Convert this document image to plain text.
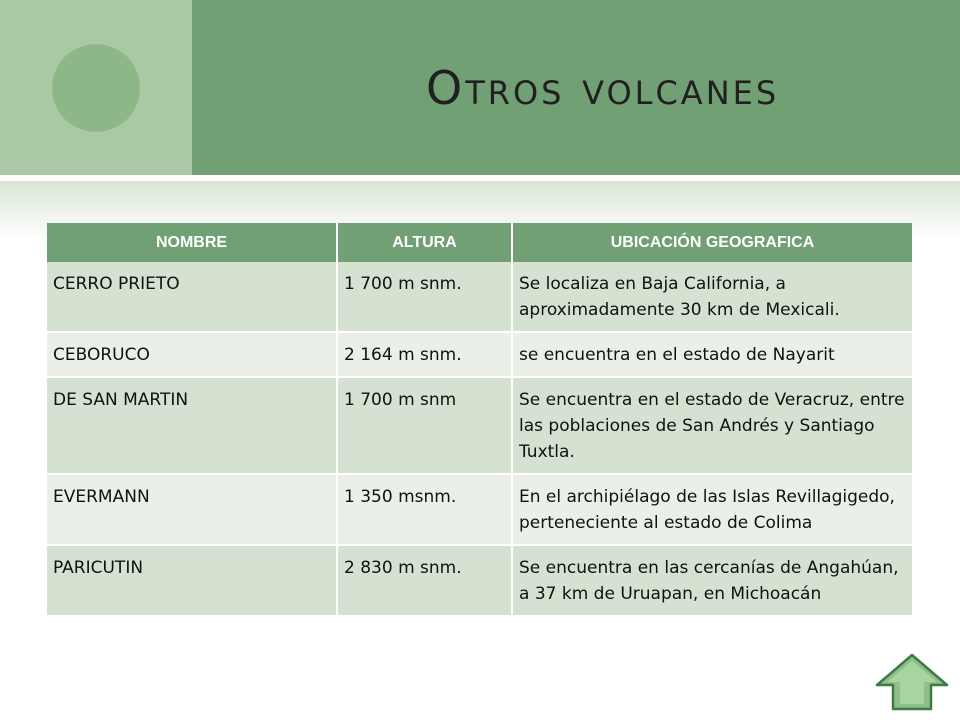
Otros volcanes
NOMBRE	ALTURA	UBICACIÓN GEOGRAFICA
CERRO PRIETO	1 700 m snm.	Se localiza en Baja California, a aproximadamente 30 km de Mexicali.
CEBORUCO	2 164 m snm.	se encuentra en el estado de Nayarit
DE SAN MARTIN	1 700 m snm	Se encuentra en el estado de Veracruz, entre las poblaciones de San Andrés y Santiago Tuxtla.
EVERMANN	1 350 msnm.	En el archipiélago de las Islas Revillagigedo, perteneciente al estado de Colima
PARICUTIN	2 830 m snm.	Se encuentra en las cercanías de Angahúan, a 37 km de Uruapan, en Michoacán
